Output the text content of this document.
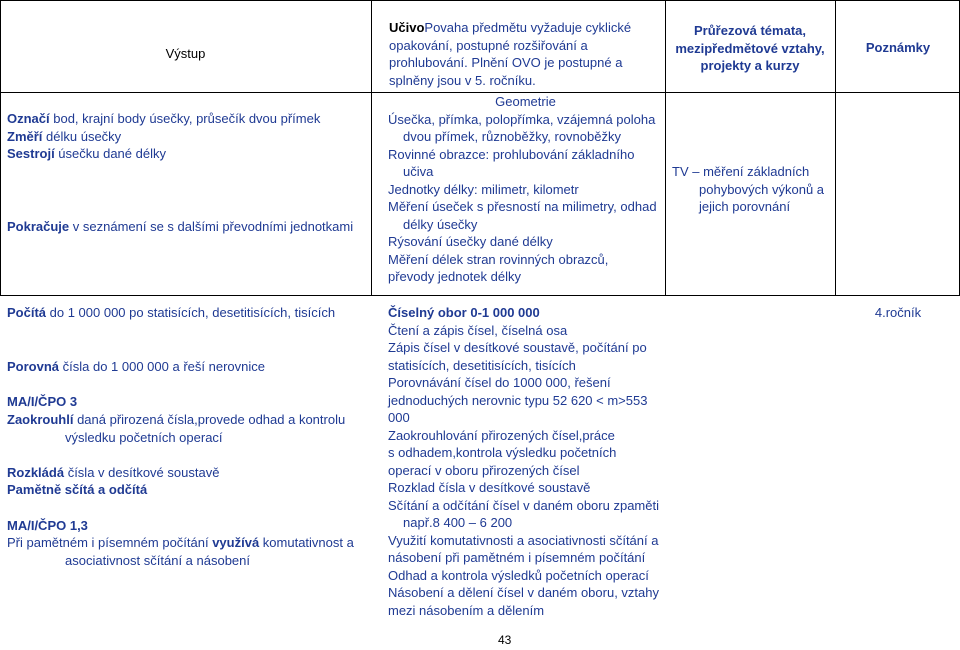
Výstup
UčivoPovaha předmětu vyžaduje cyklické
opakování, postupné rozšiřování a
prohlubování. Plnění OVO je postupné a
splněny jsou v 5. ročníku.
Průřezová témata,
mezipředmětové vztahy,
projekty a kurzy
Poznámky
Označí bod, krajní body úsečky, průsečík dvou přímek
Změří délku úsečky
Sestrojí úsečku dané délky
Pokračuje v seznámení se s dalšími převodními jednotkami
Geometrie
Úsečka, přímka, polopřímka, vzájemná poloha
dvou přímek, různoběžky, rovnoběžky
Rovinné obrazce: prohlubování základního
učiva
Jednotky délky: milimetr, kilometr
Měření úseček s přesností na milimetry, odhad
délky úsečky
Rýsování úsečky dané délky
Měření délek stran rovinných obrazců,
převody jednotek délky
TV – měření základních
pohybových výkonů a
jejich porovnání
Počítá do 1 000 000 po statisících, desetitisících, tisících
Porovná čísla do 1 000 000 a řeší nerovnice
MA/I/ČPO 3
Zaokrouhlí daná přirozená čísla,provede odhad a kontrolu
výsledku početních operací
Rozkládá čísla v desítkové soustavě
Pamětně sčítá a odčítá
MA/I/ČPO 1,3
Při pamětném i písemném počítání využívá komutativnost a
asociativnost sčítání a násobení
Číselný obor 0-1 000 000
Čtení a zápis čísel, číselná osa
Zápis čísel v desítkové soustavě, počítání po
statisících, desetitisících, tisících
Porovnávání čísel do 1000 000, řešení
jednoduchých nerovnic typu 52 620 < m>553
000
Zaokrouhlování přirozených čísel,práce
s odhadem,kontrola výsledku početních
operací v oboru přirozených čísel
Rozklad čísla v desítkové soustavě
Sčítání a odčítání čísel v daném oboru zpaměti
např.8 400 – 6 200
Využití komutativnosti a asociativnosti sčítání a
násobení při pamětném i písemném počítání
Odhad a kontrola výsledků početních operací
Násobení a dělení čísel v daném oboru, vztahy
mezi násobením a dělením
4.ročník
43
